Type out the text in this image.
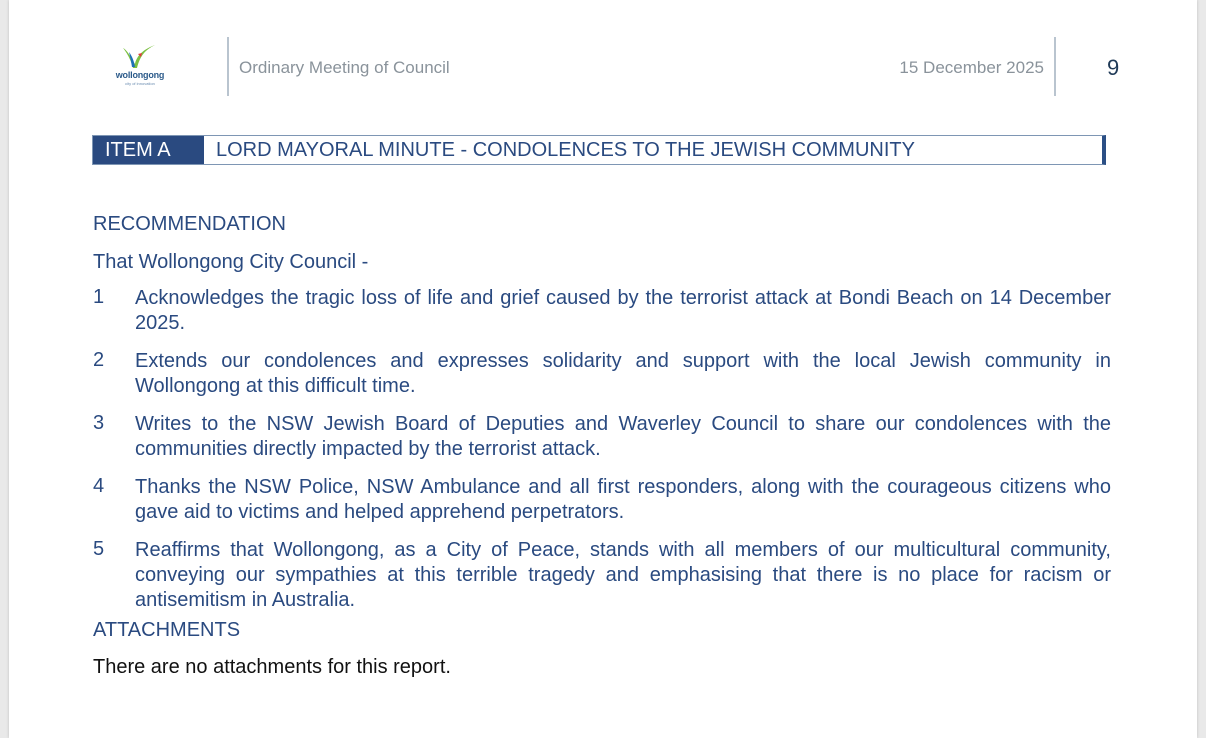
wollongong
city of innovation
Ordinary Meeting of Council	15 December 2025	9
ITEM A	LORD MAYORAL MINUTE - CONDOLENCES TO THE JEWISH COMMUNITY
RECOMMENDATION
That Wollongong City Council -
1 Acknowledges the tragic loss of life and grief caused by the terrorist attack at Bondi Beach on 14 December 2025.
2 Extends our condolences and expresses solidarity and support with the local Jewish community in Wollongong at this difficult time.
3 Writes to the NSW Jewish Board of Deputies and Waverley Council to share our condolences with the communities directly impacted by the terrorist attack.
4 Thanks the NSW Police, NSW Ambulance and all first responders, along with the courageous citizens who gave aid to victims and helped apprehend perpetrators.
5 Reaffirms that Wollongong, as a City of Peace, stands with all members of our multicultural community, conveying our sympathies at this terrible tragedy and emphasising that there is no place for racism or antisemitism in Australia.
ATTACHMENTS
There are no attachments for this report.
